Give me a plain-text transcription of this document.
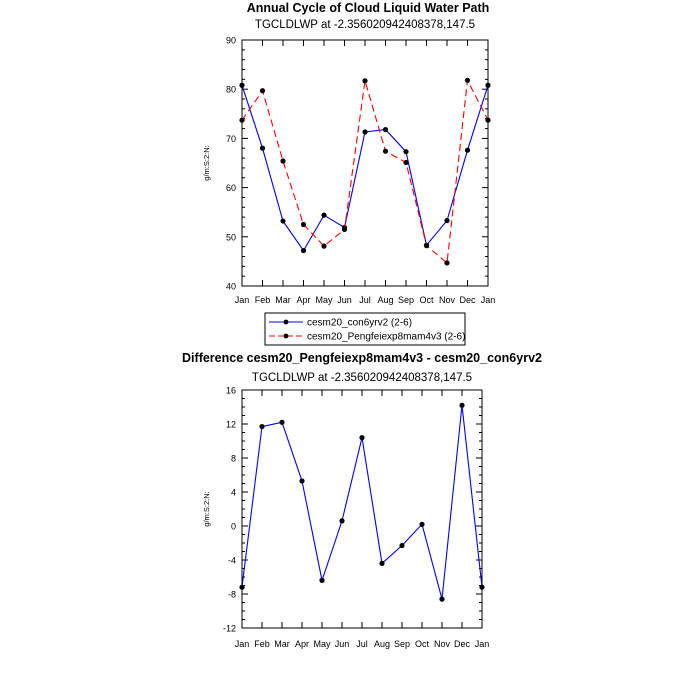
Annual Cycle of Cloud Liquid Water Path
TGCLDLWP at -2.356020942408378,147.5
40
50
60
70
80
90
Jan Feb Mar Apr May Jun Jul Aug Sep Oct Nov Dec Jan
g/m:S:2:N:
cesm20_con6yrv2 (2-6)
cesm20_Pengfeiexp8mam4v3 (2-6)
Difference cesm20_Pengfeiexp8mam4v3 - cesm20_con6yrv2
TGCLDLWP at -2.356020942408378,147.5
-12
-8
-4
0
4
8
12
16
Jan Feb Mar Apr May Jun Jul Aug Sep Oct Nov Dec Jan
g/m:S:2:N:
